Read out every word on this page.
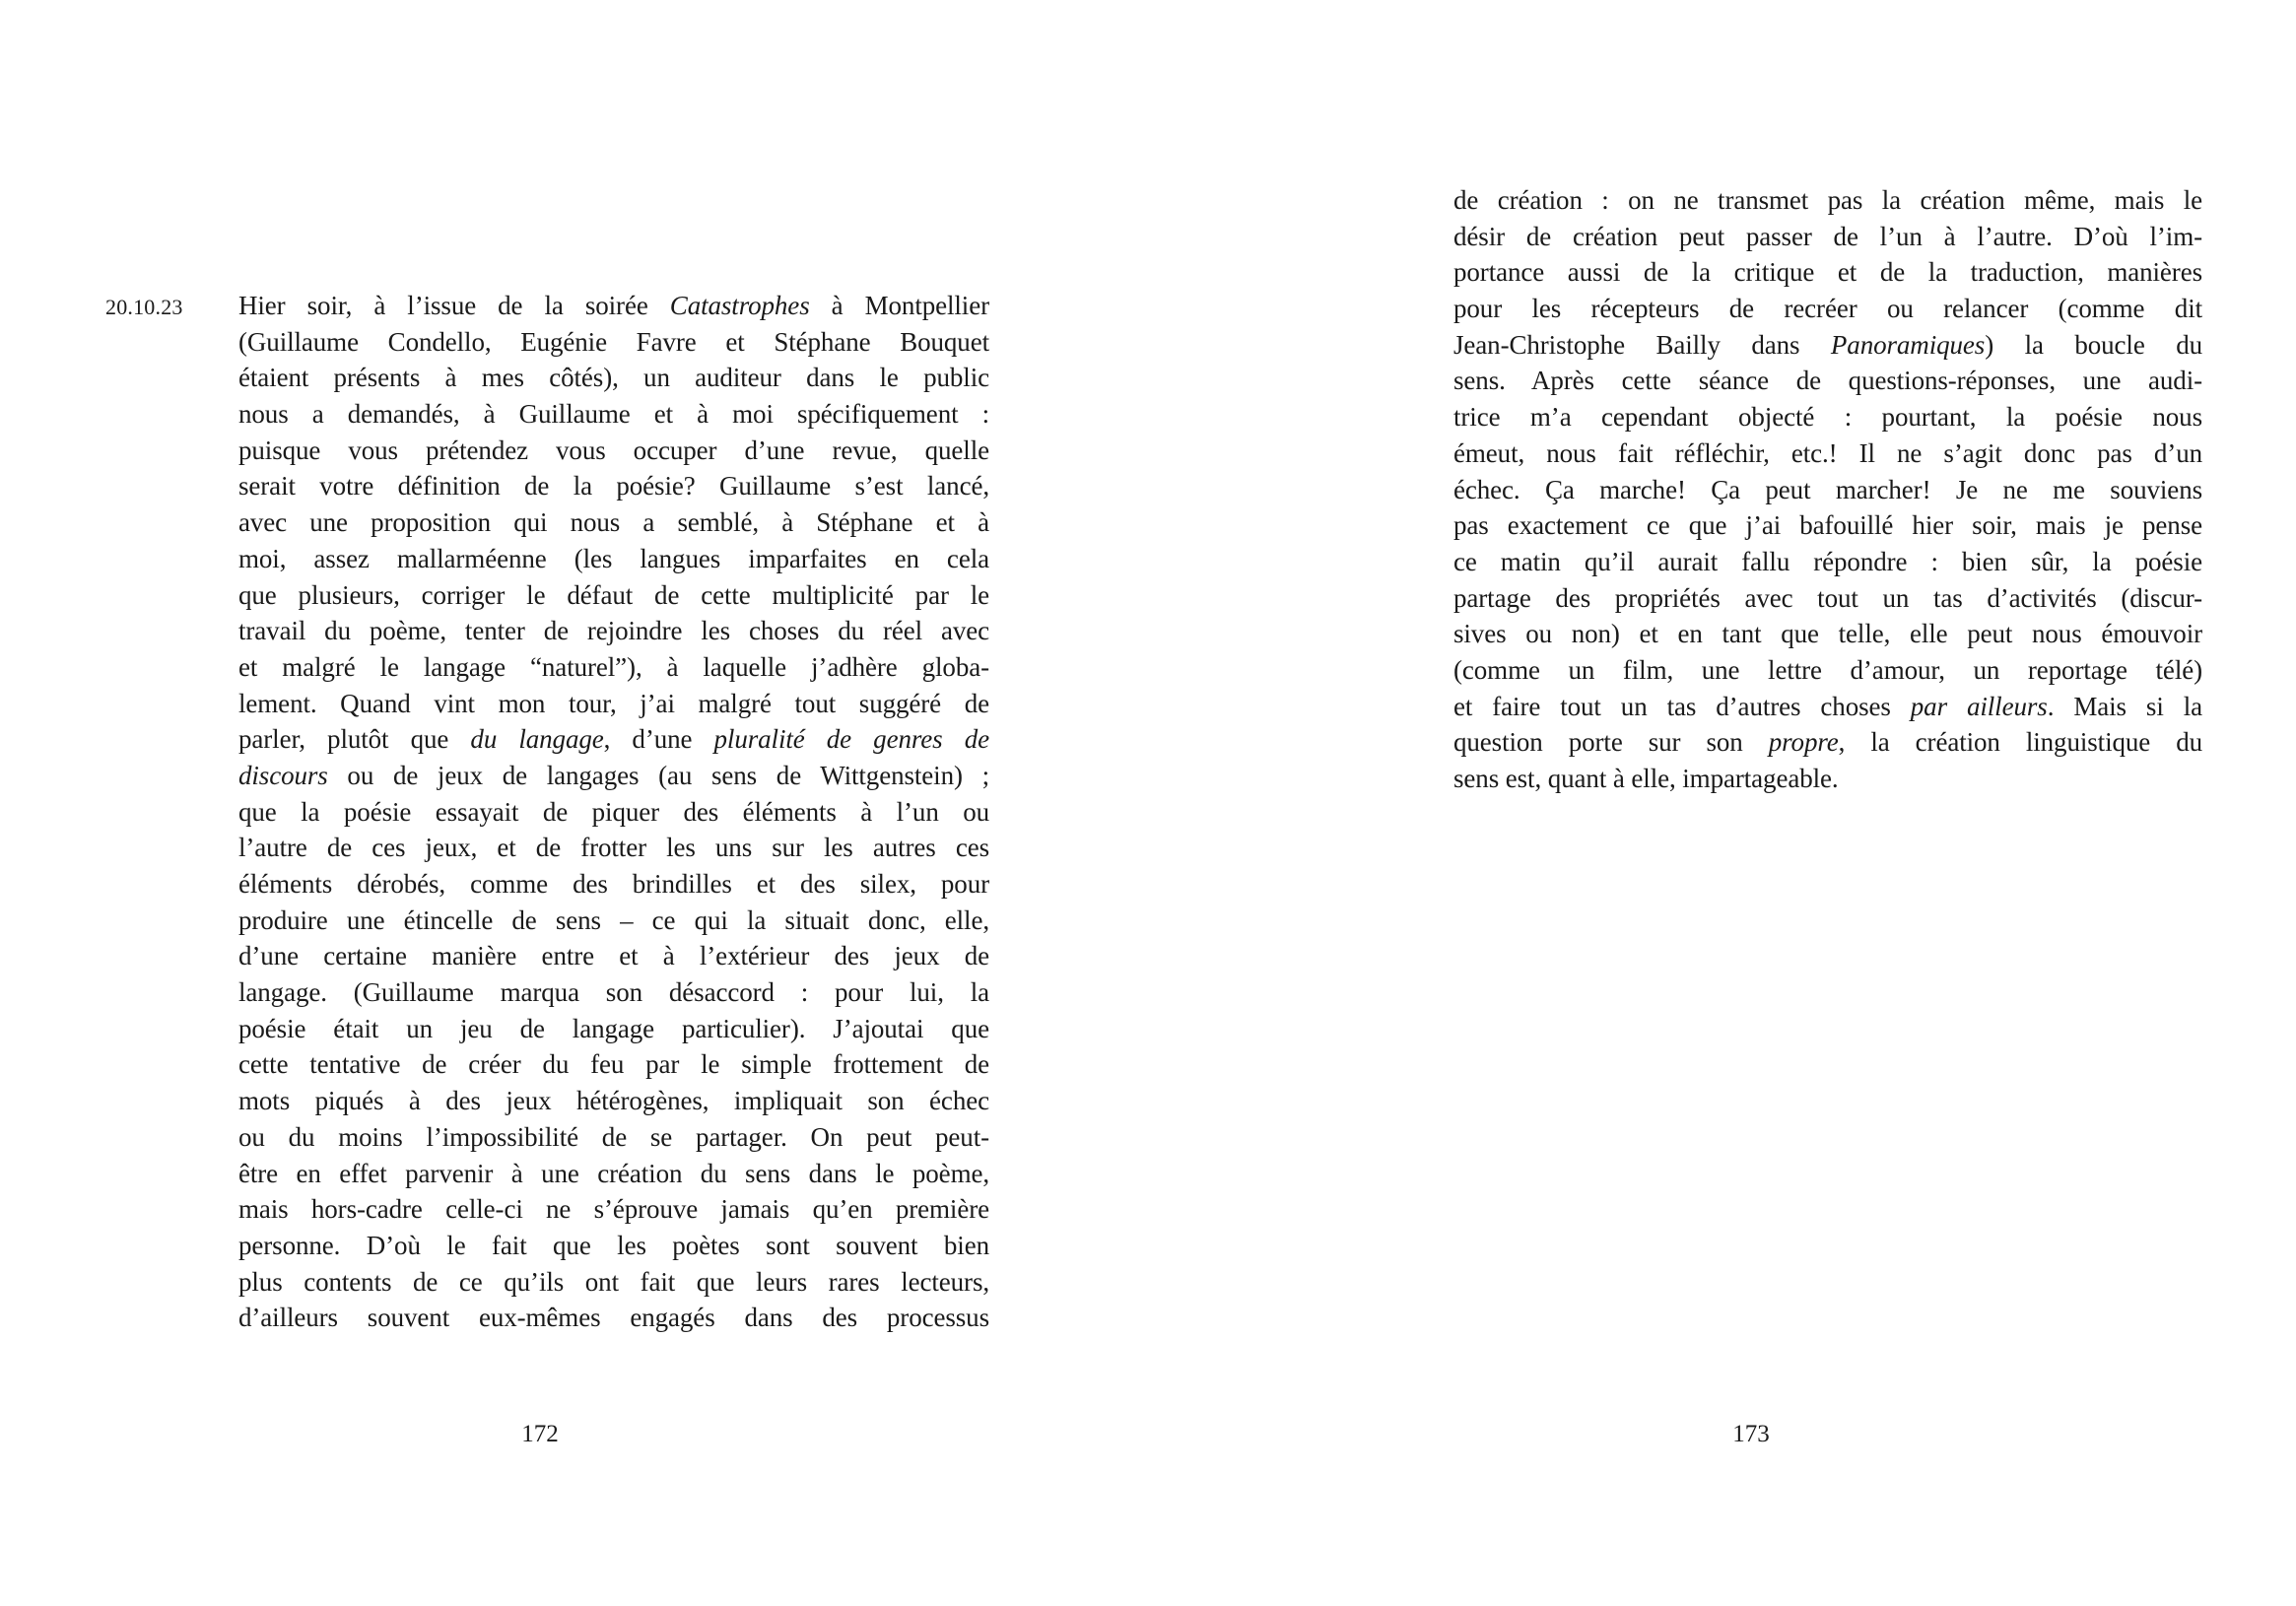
20.10.23 Hier soir, à l’issue de la soirée Catastrophes à Montpellier
(Guillaume Condello, Eugénie Favre et Stéphane Bouquet
étaient présents à mes côtés), un auditeur dans le public
nous a demandés, à Guillaume et à moi spécifiquement :
puisque vous prétendez vous occuper d’une revue, quelle
serait votre définition de la poésie? Guillaume s’est lancé,
avec une proposition qui nous a semblé, à Stéphane et à
moi, assez mallarméenne (les langues imparfaites en cela
que plusieurs, corriger le défaut de cette multiplicité par le
travail du poème, tenter de rejoindre les choses du réel avec
et malgré le langage “naturel”), à laquelle j’adhère globa-
lement. Quand vint mon tour, j’ai malgré tout suggéré de
parler, plutôt que du langage, d’une pluralité de genres de
discours ou de jeux de langages (au sens de Wittgenstein) ;
que la poésie essayait de piquer des éléments à l’un ou
l’autre de ces jeux, et de frotter les uns sur les autres ces
éléments dérobés, comme des brindilles et des silex, pour
produire une étincelle de sens – ce qui la situait donc, elle,
d’une certaine manière entre et à l’extérieur des jeux de
langage. (Guillaume marqua son désaccord : pour lui, la
poésie était un jeu de langage particulier). J’ajoutai que
cette tentative de créer du feu par le simple frottement de
mots piqués à des jeux hétérogènes, impliquait son échec
ou du moins l’impossibilité de se partager. On peut peut-
être en effet parvenir à une création du sens dans le poème,
mais hors-cadre celle-ci ne s’éprouve jamais qu’en première
personne. D’où le fait que les poètes sont souvent bien
plus contents de ce qu’ils ont fait que leurs rares lecteurs,
d’ailleurs souvent eux-mêmes engagés dans des processus
de création : on ne transmet pas la création même, mais le
désir de création peut passer de l’un à l’autre. D’où l’im-
portance aussi de la critique et de la traduction, manières
pour les récepteurs de recréer ou relancer (comme dit
Jean-Christophe Bailly dans Panoramiques) la boucle du
sens. Après cette séance de questions-réponses, une audi-
trice m’a cependant objecté : pourtant, la poésie nous
émeut, nous fait réfléchir, etc.! Il ne s’agit donc pas d’un
échec. Ça marche! Ça peut marcher! Je ne me souviens
pas exactement ce que j’ai bafouillé hier soir, mais je pense
ce matin qu’il aurait fallu répondre : bien sûr, la poésie
partage des propriétés avec tout un tas d’activités (discur-
sives ou non) et en tant que telle, elle peut nous émouvoir
(comme un film, une lettre d’amour, un reportage télé)
et faire tout un tas d’autres choses par ailleurs. Mais si la
question porte sur son propre, la création linguistique du
sens est, quant à elle, impartageable.
172	173
